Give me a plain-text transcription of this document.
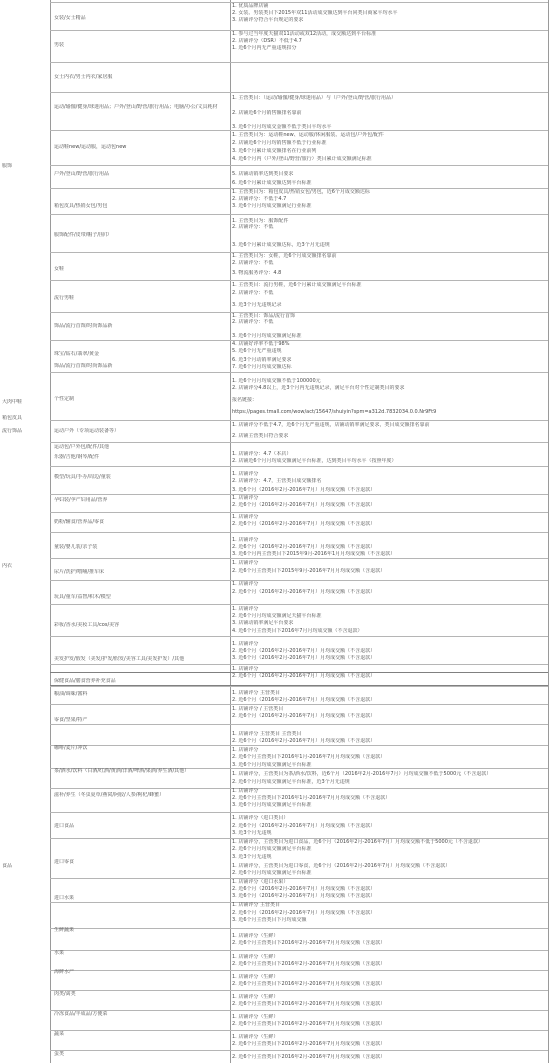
服饰
大肉中鞋
箱包皮具
流行饰品
内衣
食品
女装/女士精品
男装
女士内衣/男士内衣/家居服
运动/瑜伽/健身/球迷用品；户外/登山/野营/旅行用品；电脑/办公/文具耗材
运动鞋new/运动服，运动包new
户外/登山/野营/旅行用品
箱包皮具/热销女包/男包
服饰配件/皮带/帽子/围巾
女鞋
流行男鞋
饰品/流行首饰/时尚饰品新
珠宝/钻石/翡翠/黄金
饰品/流行首饰/时尚饰品新
个性定制
运动户外（专项运动装备等）
运动包/户外包/配件/其他
乐器/吉他/钢琴/配件
模型/玩具/手办/周边/童装
孕妇装/孕产妇用品/营养
奶粉/辅食/营养品/零食
童装/婴儿装/亲子装
尿片/洗护/喂哺/推车床
玩具/童车/益智/积木/模型
彩妆/香水/美妆工具/cos/美容
美发护发/假发（美发/护发/假发/美容工具/美发护发）/其他
保健食品/膳食营养补充食品
粮油/调味/酱料
零食/坚果/特产
咖啡/麦片/冲饮
茶/酒水/饮料（白酒/红酒/黄酒/洋酒/啤酒/果酒/养生酒/其他）
滋补/养生（冬虫夏草/燕窝/阿胶/人参/枸杞/蜂蜜）
进口食品
进口零食
进口水果
生鲜蔬果
水果
海鲜水产
肉类/禽类
冷冻食品/半成品/方便菜
蔬菜
蛋类
1. 优质品牌店铺
2. 女装、男装类目下2015年双11活动成交额达到平台同类目商家平均水平
3. 店铺评分符合平台规定的要求
1. 参与过当年度天猫双11活动或双12活动，成交额达到平台标准
2. 店铺评分（DSR）不低于4.7
1. 近6个月内无严重违规扣分
1. 主营类目：（运动/瑜伽/健身/球迷用品）与（户外/登山/野营/旅行用品）
2. 店铺近6个月销售额排名靠前
3. 近6个月月均成交金额不低于类目平均水平
1. 主营类目为：运动鞋new、运动服/休闲服装、运动包/户外包/配件
2. 店铺近6个月月均销售额不低于行业标准
3. 近6个月累计成交额排名在行业前列
4. 近6个月内（户外/登山/野营/旅行）类目累计成交额满足标准
5. 店铺动销率达到类目要求
6. 近6个月累计成交额达到平台标准
1. 主营类目为：箱包皮具/热销女包/男包，近6个月成交额达标
2. 店铺评分：不低于4.7
3. 近6个月月均成交额满足行业标准
1. 主营类目为：服饰配件
2. 店铺评分：不低
3. 近6个月累计成交额达标，近3个月无违规
1. 主营类目为：女鞋，近6个月成交额排名靠前
2. 店铺评分：不低
3. 物流服务评分：4.8
1. 主营类目：流行男鞋，近6个月累计成交额满足平台标准
2. 店铺评分：不低
3. 近3个月无违规记录
1. 主营类目：饰品/流行首饰
2. 店铺评分：不低
3. 近6个月月均成交额满足标准
4. 店铺好评率不低于98%
5. 近6个月无严重违规
6. 近3个月动销率满足要求
7. 近6个月月均成交额达标
1. 近6个月月均成交额不低于100000元
2. 店铺评分4.8以上，近3个月内无违规记录，满足平台对个性定制类目的要求
报名链接：
https://pages.tmall.com/wow/act/15647/shuiyin?spm=a312d.7832034.0.0.Nr9Ft9
1. 店铺评分不低于4.7，近6个月无严重违规，店铺动销率满足要求，类目成交额排名靠前
2. 店铺主营类目符合要求
1. 店铺评分：4.7（本店）
2. 店铺近6个月月均成交额满足平台标准，达到类目平均水平（按照年度）
1. 店铺评分
2. 店铺评分：4.7，主营类目成交额排名
3. 近6个月（2016年2月-2016年7月）月均成交额（不含退款）
1. 店铺评分
2. 近6个月（2016年2月-2016年7月）月均成交额（不含退款）
1. 店铺评分
2. 近6个月（2016年2月-2016年7月）月均成交额（不含退款）
1. 店铺评分
2. 近6个月（2016年2月-2016年7月）月均成交额（不含退款）
3. 近6个月内主营类目下2015年9月-2016年1月月均成交额（不含退款）
1. 店铺评分
2. 近6个月主营类目下2015年9月-2016年7月月均成交额（含退款）
1. 店铺评分
2. 近6个月（2016年2月-2016年7月）月均成交额（不含退款）
1. 店铺评分
2. 近6个月月均成交额满足天猫平台标准
3. 店铺动销率满足平台要求
4. 近6个月主营类目下2016年7月月均成交额（不含退款）
1. 店铺评分
2. 近6个月（2016年2月-2016年7月）月均成交额（不含退款）
3. 近6个月（2016年2月-2016年7月）月均成交额（不含退款）
1. 店铺评分
2. 近6个月（2016年2月-2016年7月）月均成交额（不含退款）
1. 店铺评分 主营类目
2. 近6个月（2016年2月-2016年7月）月均成交额（不含退款）
1. 店铺评分 / 主营类目
2. 近6个月（2016年2月-2016年7月）月均成交额（不含退款）
1. 店铺评分 主营类目 主营类目
2. 近6个月（2016年2月-2016年7月）月均成交额（不含退款）
1. 店铺评分
2. 近6个月主营类目下2016年1月-2016年7月月均成交额（含退款）
3. 近6个月月均成交额满足平台标准
1. 店铺评分，主营类目为茶/酒水/饮料，近6个月（2016年2月-2016年7月）月均成交额不低于5000元（不含退款）
2. 近6个月月均成交额满足平台标准，近3个月无违规
1. 店铺评分
2. 近6个月主营类目下2016年1月-2016年7月月均成交额（不含退款）
3. 近6个月月均成交额满足平台标准
1. 店铺评分（进口类目）
2. 近6个月（2016年2月-2016年7月）月均成交额（不含退款）
3. 近3个月无违规
1. 店铺评分，主营类目为进口食品，近6个月（2016年2月-2016年7月）月均成交额不低于5000元（不含退款）
2. 近6个月月均成交额满足平台标准
3. 近3个月无违规
1. 店铺评分，主营类目为进口零食，近6个月（2016年2月-2016年7月）月均成交额（不含退款）
2. 近6个月月均成交额满足平台标准
1. 店铺评分（进口水果）
2. 近6个月（2016年2月-2016年7月）月均成交额（不含退款）
3. 近6个月（2016年2月-2016年7月）月均成交额（不含退款）
1. 店铺评分 主营类目
2. 近6个月（2016年2月-2016年7月）月均成交额（不含退款）
3. 近6个月主营类目下月均成交额
1. 店铺评分（生鲜）
2. 近6个月主营类目下2016年2月-2016年7月月均成交额（含退款）
1. 店铺评分（生鲜）
2. 近6个月主营类目下2016年2月-2016年7月月均成交额（含退款）
1. 店铺评分（生鲜）
2. 近6个月主营类目下2016年2月-2016年7月月均成交额（含退款）
1. 店铺评分（生鲜）
2. 近6个月主营类目下2016年2月-2016年7月月均成交额（含退款）
1. 店铺评分（生鲜）
2. 近6个月主营类目下2016年2月-2016年7月月均成交额（含退款）
1. 店铺评分（生鲜）
2. 近6个月主营类目下2016年2月-2016年7月月均成交额（含退款）
2. 近6个月主营类目下2016年2月-2016年7月月均成交额（含退款）
